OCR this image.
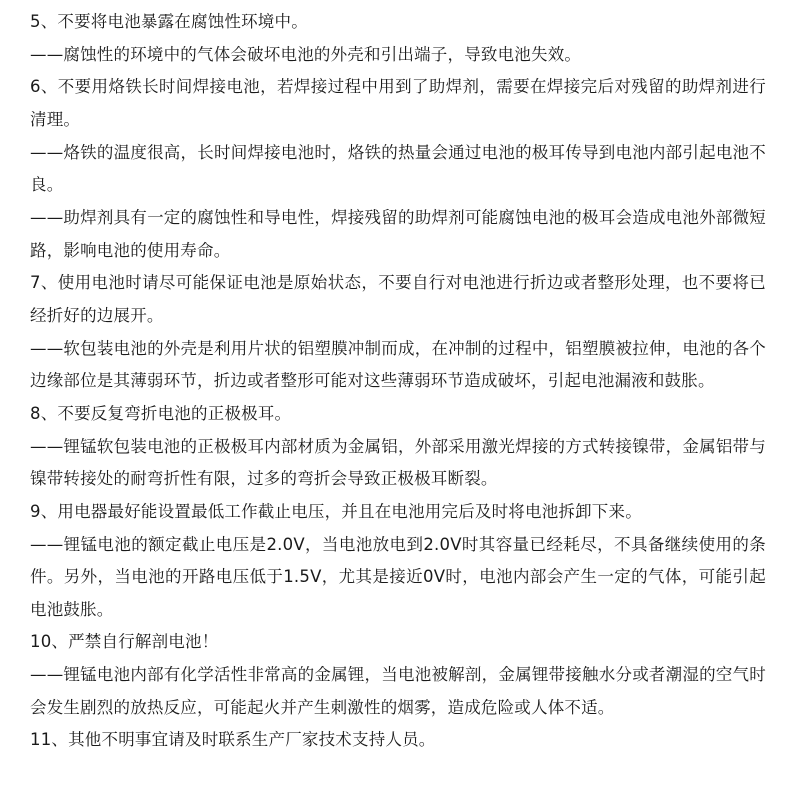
5、不要将电池暴露在腐蚀性环境中。

——腐蚀性的环境中的气体会破坏电池的外壳和引出端子，导致电池失效。

6、不要用烙铁长时间焊接电池，若焊接过程中用到了助焊剂，需要在焊接完后对残留的助焊剂进行清理。

——烙铁的温度很高，长时间焊接电池时，烙铁的热量会通过电池的极耳传导到电池内部引起电池不良。

——助焊剂具有一定的腐蚀性和导电性，焊接残留的助焊剂可能腐蚀电池的极耳会造成电池外部微短路，影响电池的使用寿命。

7、使用电池时请尽可能保证电池是原始状态，不要自行对电池进行折边或者整形处理，也不要将已经折好的边展开。

——软包装电池的外壳是利用片状的铝塑膜冲制而成，在冲制的过程中，铝塑膜被拉伸，电池的各个边缘部位是其薄弱环节，折边或者整形可能对这些薄弱环节造成破坏，引起电池漏液和鼓胀。

8、不要反复弯折电池的正极极耳。

——锂锰软包装电池的正极极耳内部材质为金属铝，外部采用激光焊接的方式转接镍带，金属铝带与镍带转接处的耐弯折性有限，过多的弯折会导致正极极耳断裂。

9、用电器最好能设置最低工作截止电压，并且在电池用完后及时将电池拆卸下来。

——锂锰电池的额定截止电压是2.0V，当电池放电到2.0V时其容量已经耗尽，不具备继续使用的条件。另外，当电池的开路电压低于1.5V，尤其是接近0V时，电池内部会产生一定的气体，可能引起电池鼓胀。

10、严禁自行解剖电池！

——锂锰电池内部有化学活性非常高的金属锂，当电池被解剖，金属锂带接触水分或者潮湿的空气时会发生剧烈的放热反应，可能起火并产生刺激性的烟雾，造成危险或人体不适。

11、其他不明事宜请及时联系生产厂家技术支持人员。
